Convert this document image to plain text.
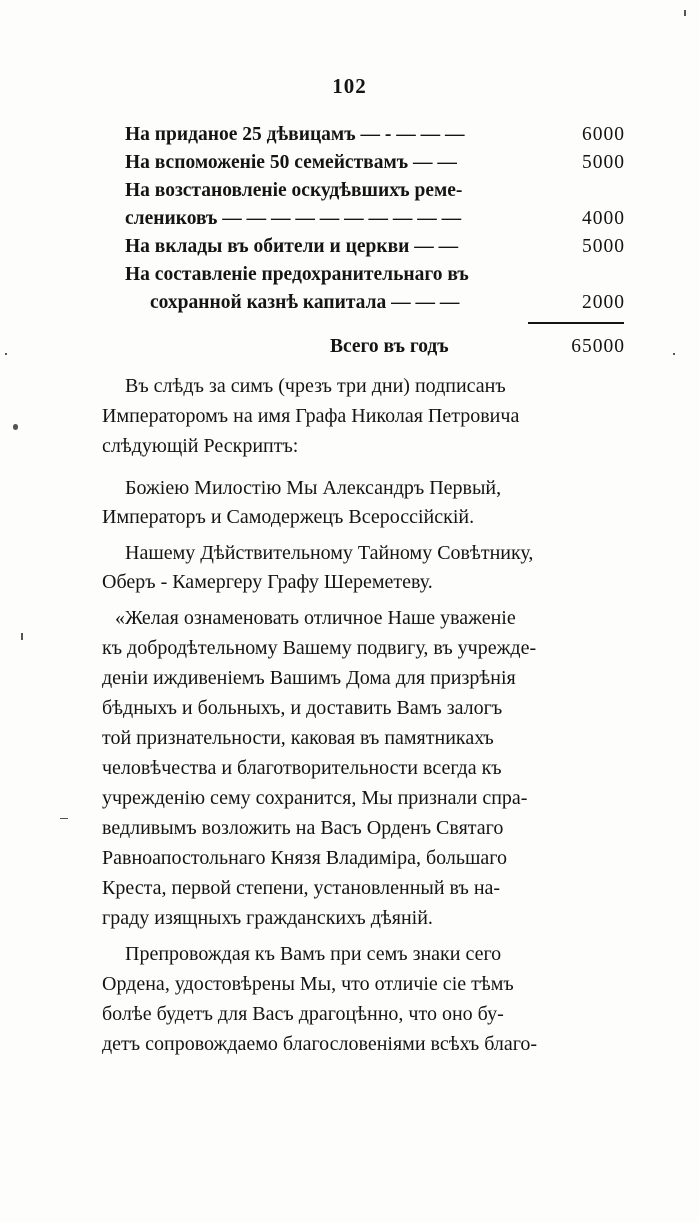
102
На приданое 25 дѣвицамъ — - — — —	6000
На вспоможеніе 50 семействамъ — —	5000
На возстановленіе оскудѣвшихъ реме-
слениковъ — — — — — — — — — —	4000
На вклады въ обители и церкви — —	5000
На составленіе предохранительнаго въ
сохранной казнѣ капитала — — —	2000
Всего въ годъ	65000
Въ слѣдъ за симъ (чрезъ три дни) подписанъ
Императоромъ на имя Графа Николая Петровича
слѣдующій Рескриптъ:
Божіею Милостію Мы Александръ Первый,
Императоръ и Самодержецъ Всероссійскій.
Нашему Дѣйствительному Тайному Совѣтнику,
Оберъ - Камергеру Графу Шереметеву.
«Желая ознаменовать отличное Наше уваженіе
къ добродѣтельному Вашему подвигу, въ учрежде-
деніи иждивеніемъ Вашимъ Дома для призрѣнія
бѣдныхъ и больныхъ, и доставить Вамъ залогъ
той признательности, каковая въ памятникахъ
человѣчества и благотворительности всегда къ
учрежденію сему сохранится, Мы признали спра-
ведливымъ возложить на Васъ Орденъ Святаго
Равноапостольнаго Князя Владиміра, большаго
Креста, первой степени, установленный въ на-
граду изящныхъ гражданскихъ дѣяній.
Препровождая къ Вамъ при семъ знаки сего
Ордена, удостовѣрены Мы, что отличіе сіе тѣмъ
болѣе будетъ для Васъ драгоцѣнно, что оно бу-
детъ сопровождаемо благословеніями всѣхъ благо-
